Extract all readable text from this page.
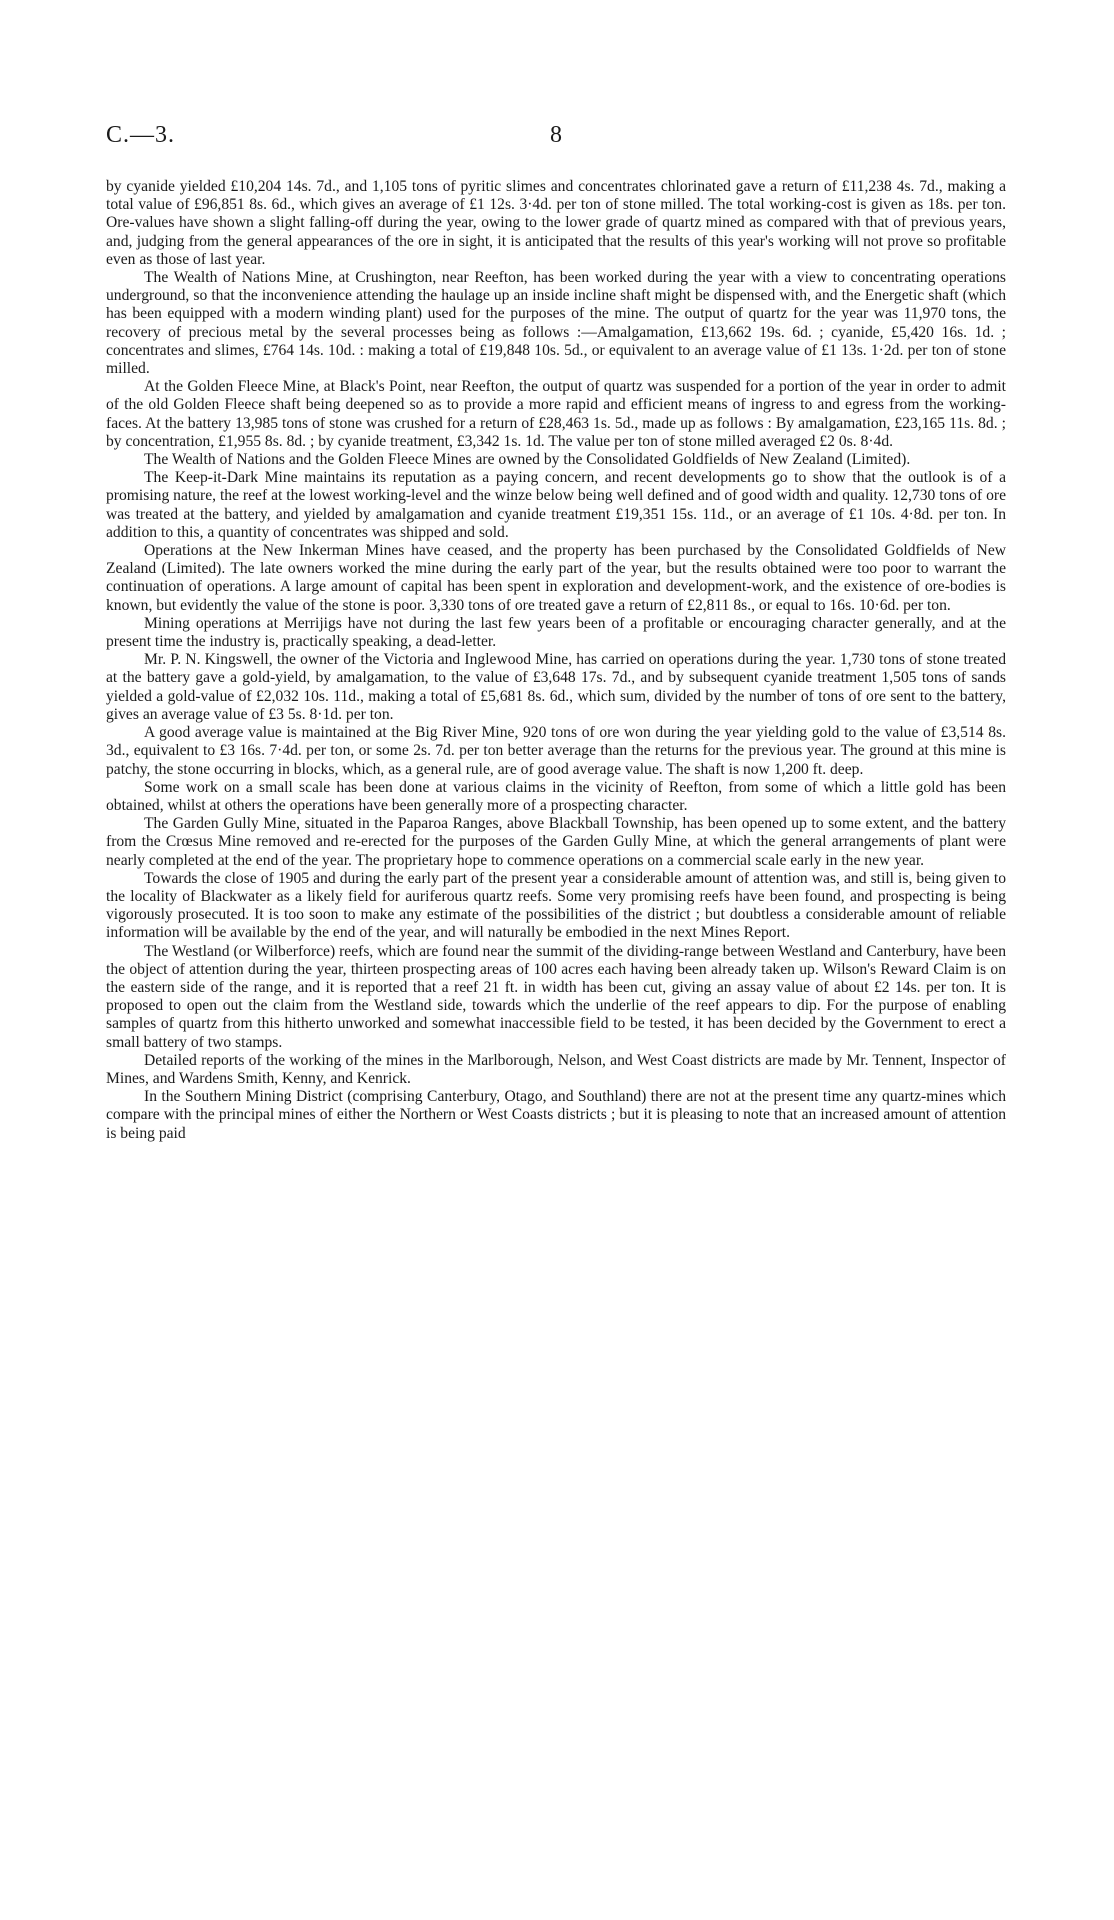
C.—3.	8

by cyanide yielded £10,204 14s. 7d., and 1,105 tons of pyritic slimes and concentrates chlorinated gave a return of £11,238 4s. 7d., making a total value of £96,851 8s. 6d., which gives an average of £1 12s. 3·4d. per ton of stone milled. The total working-cost is given as 18s. per ton. Ore-values have shown a slight falling-off during the year, owing to the lower grade of quartz mined as compared with that of previous years, and, judging from the general appearances of the ore in sight, it is anticipated that the results of this year's working will not prove so profitable even as those of last year.

The Wealth of Nations Mine, at Crushington, near Reefton, has been worked during the year with a view to concentrating operations underground, so that the inconvenience attending the haulage up an inside incline shaft might be dispensed with, and the Energetic shaft (which has been equipped with a modern winding plant) used for the purposes of the mine. The output of quartz for the year was 11,970 tons, the recovery of precious metal by the several processes being as follows :—Amalgamation, £13,662 19s. 6d. ; cyanide, £5,420 16s. 1d. ; concentrates and slimes, £764 14s. 10d. : making a total of £19,848 10s. 5d., or equivalent to an average value of £1 13s. 1·2d. per ton of stone milled.

At the Golden Fleece Mine, at Black's Point, near Reefton, the output of quartz was suspended for a portion of the year in order to admit of the old Golden Fleece shaft being deepened so as to provide a more rapid and efficient means of ingress to and egress from the working-faces. At the battery 13,985 tons of stone was crushed for a return of £28,463 1s. 5d., made up as follows : By amalgamation, £23,165 11s. 8d. ; by concentration, £1,955 8s. 8d. ; by cyanide treatment, £3,342 1s. 1d. The value per ton of stone milled averaged £2 0s. 8·4d.

The Wealth of Nations and the Golden Fleece Mines are owned by the Consolidated Goldfields of New Zealand (Limited).

The Keep-it-Dark Mine maintains its reputation as a paying concern, and recent developments go to show that the outlook is of a promising nature, the reef at the lowest working-level and the winze below being well defined and of good width and quality. 12,730 tons of ore was treated at the battery, and yielded by amalgamation and cyanide treatment £19,351 15s. 11d., or an average of £1 10s. 4·8d. per ton. In addition to this, a quantity of concentrates was shipped and sold.

Operations at the New Inkerman Mines have ceased, and the property has been purchased by the Consolidated Goldfields of New Zealand (Limited). The late owners worked the mine during the early part of the year, but the results obtained were too poor to warrant the continuation of operations. A large amount of capital has been spent in exploration and development-work, and the existence of ore-bodies is known, but evidently the value of the stone is poor. 3,330 tons of ore treated gave a return of £2,811 8s., or equal to 16s. 10·6d. per ton.

Mining operations at Merrijigs have not during the last few years been of a profitable or encouraging character generally, and at the present time the industry is, practically speaking, a dead-letter.

Mr. P. N. Kingswell, the owner of the Victoria and Inglewood Mine, has carried on operations during the year. 1,730 tons of stone treated at the battery gave a gold-yield, by amalgamation, to the value of £3,648 17s. 7d., and by subsequent cyanide treatment 1,505 tons of sands yielded a gold-value of £2,032 10s. 11d., making a total of £5,681 8s. 6d., which sum, divided by the number of tons of ore sent to the battery, gives an average value of £3 5s. 8·1d. per ton.

A good average value is maintained at the Big River Mine, 920 tons of ore won during the year yielding gold to the value of £3,514 8s. 3d., equivalent to £3 16s. 7·4d. per ton, or some 2s. 7d. per ton better average than the returns for the previous year. The ground at this mine is patchy, the stone occurring in blocks, which, as a general rule, are of good average value. The shaft is now 1,200 ft. deep.

Some work on a small scale has been done at various claims in the vicinity of Reefton, from some of which a little gold has been obtained, whilst at others the operations have been generally more of a prospecting character.

The Garden Gully Mine, situated in the Paparoa Ranges, above Blackball Township, has been opened up to some extent, and the battery from the Crœsus Mine removed and re-erected for the purposes of the Garden Gully Mine, at which the general arrangements of plant were nearly completed at the end of the year. The proprietary hope to commence operations on a commercial scale early in the new year.

Towards the close of 1905 and during the early part of the present year a considerable amount of attention was, and still is, being given to the locality of Blackwater as a likely field for auriferous quartz reefs. Some very promising reefs have been found, and prospecting is being vigorously prosecuted. It is too soon to make any estimate of the possibilities of the district ; but doubtless a considerable amount of reliable information will be available by the end of the year, and will naturally be embodied in the next Mines Report.

The Westland (or Wilberforce) reefs, which are found near the summit of the dividing-range between Westland and Canterbury, have been the object of attention during the year, thirteen prospecting areas of 100 acres each having been already taken up. Wilson's Reward Claim is on the eastern side of the range, and it is reported that a reef 21 ft. in width has been cut, giving an assay value of about £2 14s. per ton. It is proposed to open out the claim from the Westland side, towards which the underlie of the reef appears to dip. For the purpose of enabling samples of quartz from this hitherto unworked and somewhat inaccessible field to be tested, it has been decided by the Government to erect a small battery of two stamps.

Detailed reports of the working of the mines in the Marlborough, Nelson, and West Coast districts are made by Mr. Tennent, Inspector of Mines, and Wardens Smith, Kenny, and Kenrick.

In the Southern Mining District (comprising Canterbury, Otago, and Southland) there are not at the present time any quartz-mines which compare with the principal mines of either the Northern or West Coasts districts ; but it is pleasing to note that an increased amount of attention is being paid
